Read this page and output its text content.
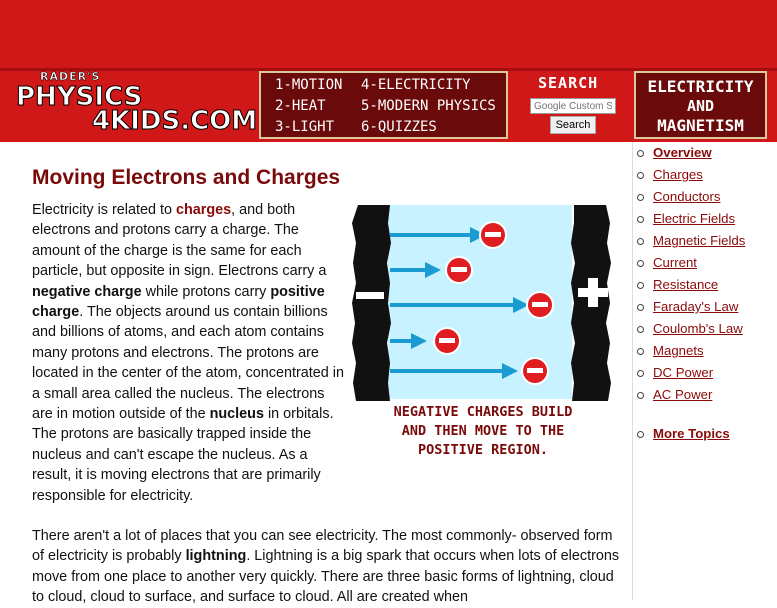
RADER'S
PHYSICS
4KIDS.COM
1-MOTION
2-HEAT
3-LIGHT
4-ELECTRICITY
5-MODERN PHYSICS
6-QUIZZES
SEARCH
Google Custom Search
Search
ELECTRICITY
AND
MAGNETISM
Moving Electrons and Charges

Electricity is related to charges, and both electrons and protons carry a charge. The amount of the charge is the same for each particle, but opposite in sign. Electrons carry a negative charge while protons carry positive charge. The objects around us contain billions and billions of atoms, and each atom contains many protons and electrons. The protons are located in the center of the atom, concentrated in a small area called the nucleus. The electrons are in motion outside of the nucleus in orbitals. The protons are basically trapped inside the nucleus and can't escape the nucleus. As a result, it is moving electrons that are primarily responsible for electricity.

NEGATIVE CHARGES BUILD
AND THEN MOVE TO THE
POSITIVE REGION.

There aren't a lot of places that you can see electricity. The most commonly- observed form of electricity is probably lightning. Lightning is a big spark that occurs when lots of electrons move from one place to another very quickly. There are three basic forms of lightning, cloud to cloud, cloud to surface, and surface to cloud. All are created when

Overview
Charges
Conductors
Electric Fields
Magnetic Fields
Current
Resistance
Faraday's Law
Coulomb's Law
Magnets
DC Power
AC Power
More Topics
